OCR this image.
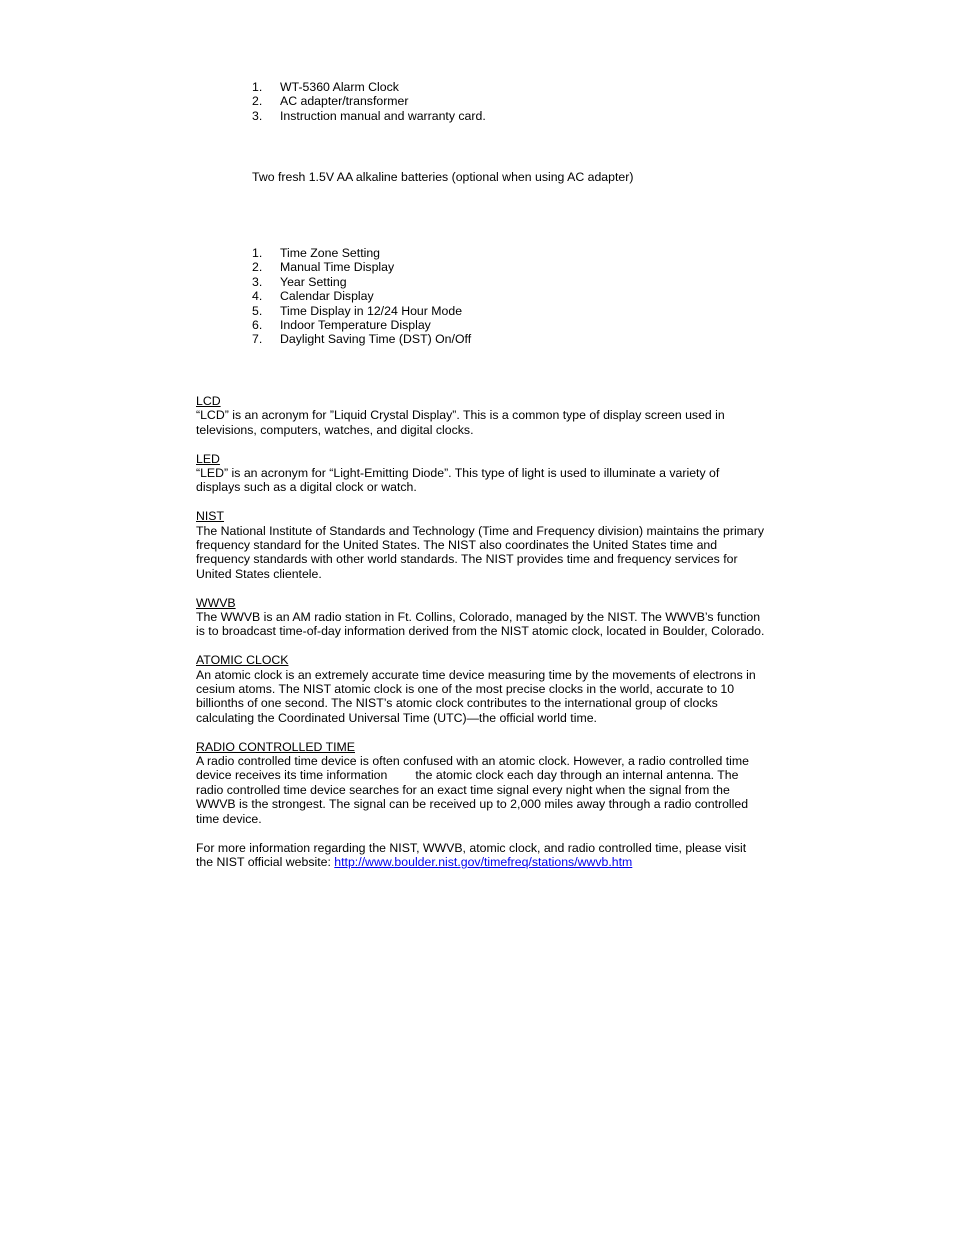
1.	WT-5360 Alarm Clock
2.	AC adapter/transformer
3.	Instruction manual and warranty card.

Two fresh 1.5V AA alkaline batteries (optional when using AC adapter)

1.	Time Zone Setting
2.	Manual Time Display
3.	Year Setting
4.	Calendar Display
5.	Time Display in 12/24 Hour Mode
6.	Indoor Temperature Display
7.	Daylight Saving Time (DST) On/Off
LCD
“LCD” is an acronym for ”Liquid Crystal Display”. This is a common type of display screen used in televisions, computers, watches, and digital clocks.
LED
“LED” is an acronym for “Light-Emitting Diode”. This type of light is used to illuminate a variety of displays such as a digital clock or watch.
NIST
The National Institute of Standards and Technology (Time and Frequency division) maintains the primary frequency standard for the United States. The NIST also coordinates the United States time and frequency standards with other world standards. The NIST provides time and frequency services for United States clientele.
WWVB
The WWVB is an AM radio station in Ft. Collins, Colorado, managed by the NIST. The WWVB’s function is to broadcast time-of-day information derived from the NIST atomic clock, located in Boulder, Colorado.
ATOMIC CLOCK
An atomic clock is an extremely accurate time device measuring time by the movements of electrons in cesium atoms. The NIST atomic clock is one of the most precise clocks in the world, accurate to 10 billionths of one second. The NIST’s atomic clock contributes to the international group of clocks calculating the Coordinated Universal Time (UTC)—the official world time.
RADIO CONTROLLED TIME
A radio controlled time device is often confused with an atomic clock. However, a radio controlled time device receives its time information the atomic clock each day through an internal antenna. The radio controlled time device searches for an exact time signal every night when the signal from the WWVB is the strongest. The signal can be received up to 2,000 miles away through a radio controlled time device.

For more information regarding the NIST, WWVB, atomic clock, and radio controlled time, please visit the NIST official website: http://www.boulder.nist.gov/timefreq/stations/wwvb.htm
